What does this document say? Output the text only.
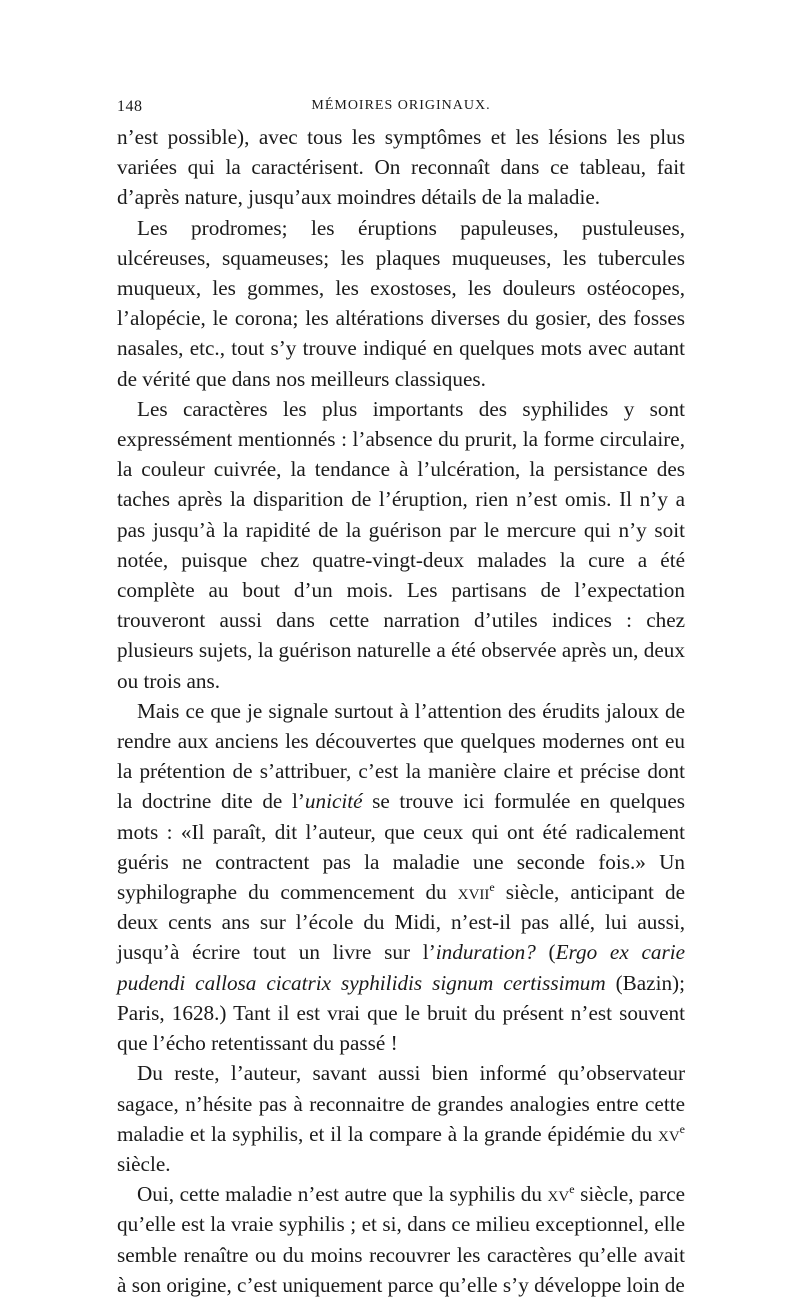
148	MÉMOIRES ORIGINAUX.

n’est possible), avec tous les symptômes et les lésions les plus variées qui la caractérisent. On reconnaît dans ce tableau, fait d’après nature, jusqu’aux moindres détails de la maladie.

Les prodromes; les éruptions papuleuses, pustuleuses, ulcéreuses, squameuses; les plaques muqueuses, les tubercules muqueux, les gommes, les exostoses, les douleurs ostéocopes, l’alopécie, le corona; les altérations diverses du gosier, des fosses nasales, etc., tout s’y trouve indiqué en quelques mots avec autant de vérité que dans nos meilleurs classiques.

Les caractères les plus importants des syphilides y sont expressément mentionnés : l’absence du prurit, la forme circulaire, la couleur cuivrée, la tendance à l’ulcération, la persistance des taches après la disparition de l’éruption, rien n’est omis. Il n’y a pas jusqu’à la rapidité de la guérison par le mercure qui n’y soit notée, puisque chez quatre-vingt-deux malades la cure a été complète au bout d’un mois. Les partisans de l’expectation trouveront aussi dans cette narration d’utiles indices : chez plusieurs sujets, la guérison naturelle a été observée après un, deux ou trois ans.

Mais ce que je signale surtout à l’attention des érudits jaloux de rendre aux anciens les découvertes que quelques modernes ont eu la prétention de s’attribuer, c’est la manière claire et précise dont la doctrine dite de l’unicité se trouve ici formulée en quelques mots : «Il paraît, dit l’auteur, que ceux qui ont été radicalement guéris ne contractent pas la maladie une seconde fois.» Un syphilographe du commencement du xvii$^e$ siècle, anticipant de deux cents ans sur l’école du Midi, n’est-il pas allé, lui aussi, jusqu’à écrire tout un livre sur l’induration? (Ergo ex carie pudendi callosa cicatrix syphilidis signum certissimum (Bazin); Paris, 1628.) Tant il est vrai que le bruit du présent n’est souvent que l’écho retentissant du passé !

Du reste, l’auteur, savant aussi bien informé qu’observateur sagace, n’hésite pas à reconnaitre de grandes analogies entre cette maladie et la syphilis, et il la compare à la grande épidémie du $xv^e$ siècle.

Oui, cette maladie n’est autre que la syphilis du $xv^e$ siècle, parce qu’elle est la vraie syphilis ; et si, dans ce milieu exceptionnel, elle semble renaître ou du moins recouvrer les caractères qu’elle avait à son origine, c’est uniquement parce qu’elle s’y développe loin de
